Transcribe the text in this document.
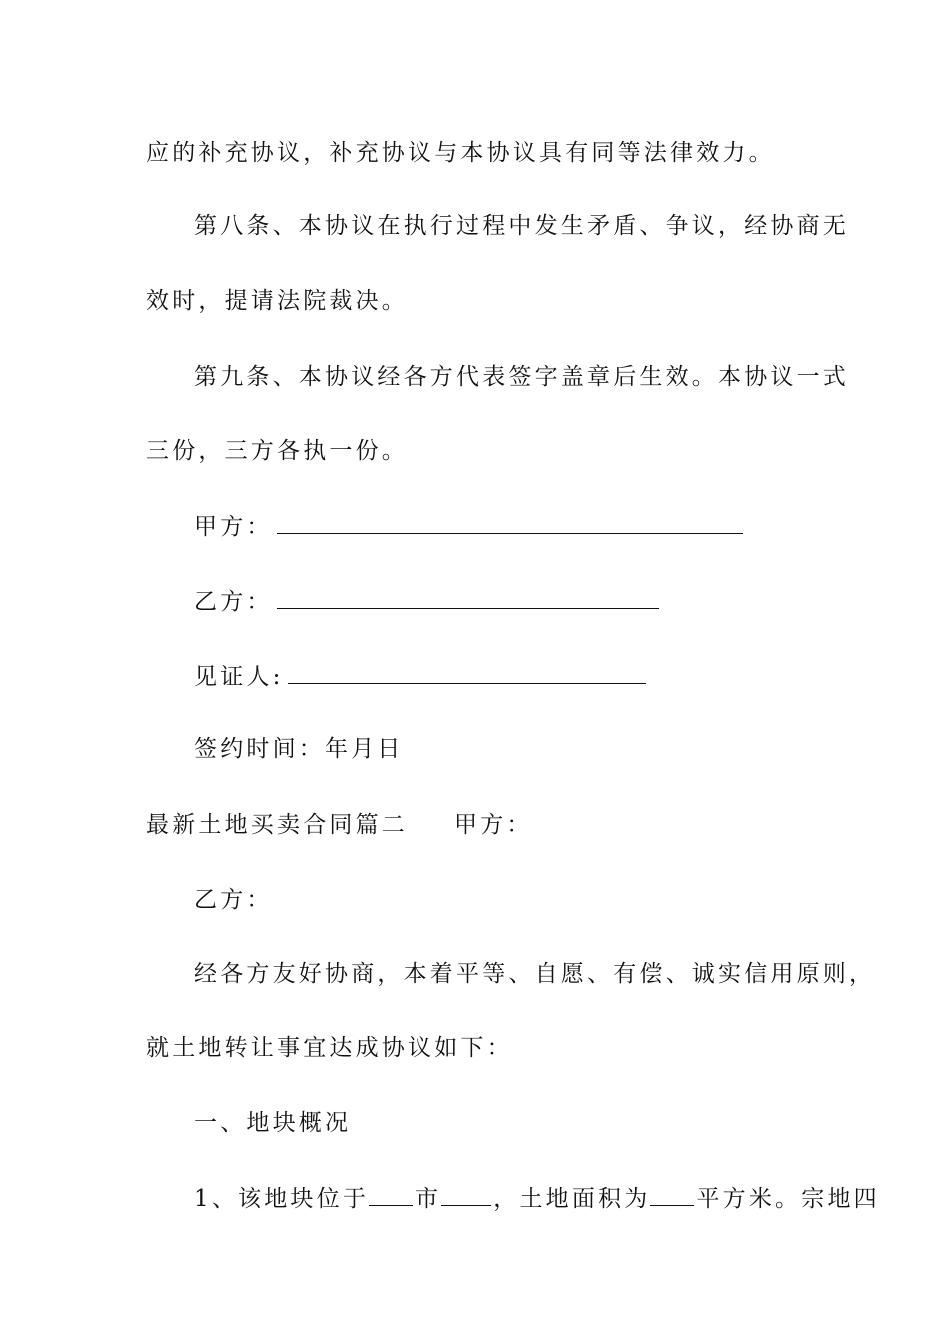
应的补充协议，补充协议与本协议具有同等法律效力。
第八条、本协议在执行过程中发生矛盾、争议，经协商无
效时，提请法院裁决。
第九条、本协议经各方代表签字盖章后生效。本协议一式
三份，三方各执一份。
甲方：
乙方：
见证人:
签约时间：年月日
最新土地买卖合同篇二 甲方：
乙方：
经各方友好协商，本着平等、自愿、有偿、诚实信用原则，
就土地转让事宜达成协议如下：
一、地块概况
1、该地块位于 市 ，土地面积为 平方米。宗地四
